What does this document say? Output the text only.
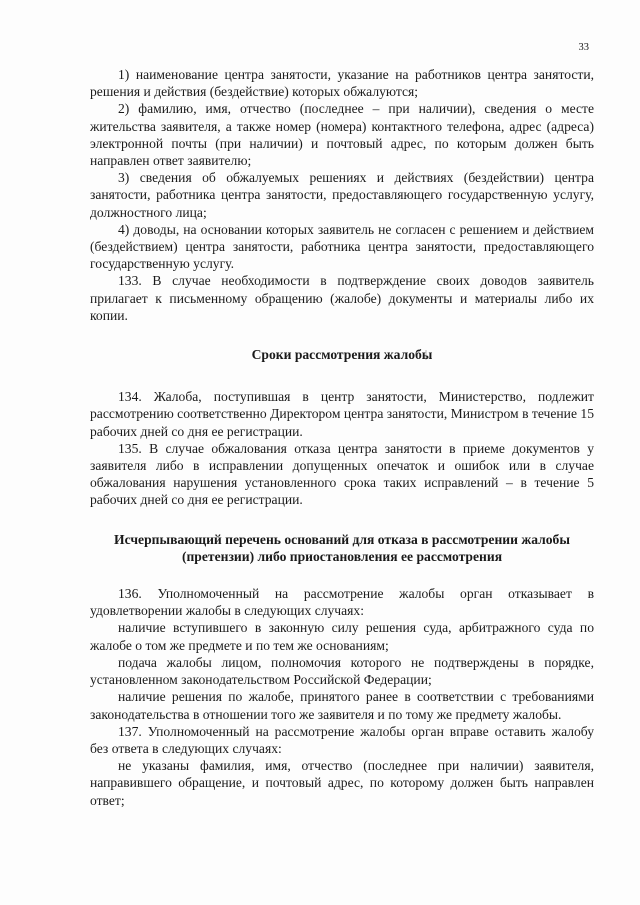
33

1) наименование центра занятости, указание на работников центра занятости, решения и действия (бездействие) которых обжалуются;

2) фамилию, имя, отчество (последнее – при наличии), сведения о месте жительства заявителя, а также номер (номера) контактного телефона, адрес (адреса) электронной почты (при наличии) и почтовый адрес, по которым должен быть направлен ответ заявителю;

3) сведения об обжалуемых решениях и действиях (бездействии) центра занятости, работника центра занятости, предоставляющего государственную услугу, должностного лица;

4) доводы, на основании которых заявитель не согласен с решением и действием (бездействием) центра занятости, работника центра занятости, предоставляющего государственную услугу.

133. В случае необходимости в подтверждение своих доводов заявитель прилагает к письменному обращению (жалобе) документы и материалы либо их копии.

Сроки рассмотрения жалобы

134. Жалоба, поступившая в центр занятости, Министерство, подлежит рассмотрению соответственно Директором центра занятости, Министром в течение 15 рабочих дней со дня ее регистрации.

135. В случае обжалования отказа центра занятости в приеме документов у заявителя либо в исправлении допущенных опечаток и ошибок или в случае обжалования нарушения установленного срока таких исправлений – в течение 5 рабочих дней со дня ее регистрации.

Исчерпывающий перечень оснований для отказа в рассмотрении жалобы
(претензии) либо приостановления ее рассмотрения

136. Уполномоченный на рассмотрение жалобы орган отказывает в удовлетворении жалобы в следующих случаях:

наличие вступившего в законную силу решения суда, арбитражного суда по жалобе о том же предмете и по тем же основаниям;

подача жалобы лицом, полномочия которого не подтверждены в порядке, установленном законодательством Российской Федерации;

наличие решения по жалобе, принятого ранее в соответствии с требованиями законодательства в отношении того же заявителя и по тому же предмету жалобы.

137. Уполномоченный на рассмотрение жалобы орган вправе оставить жалобу без ответа в следующих случаях:

не указаны фамилия, имя, отчество (последнее при наличии) заявителя, направившего обращение, и почтовый адрес, по которому должен быть направлен ответ;
